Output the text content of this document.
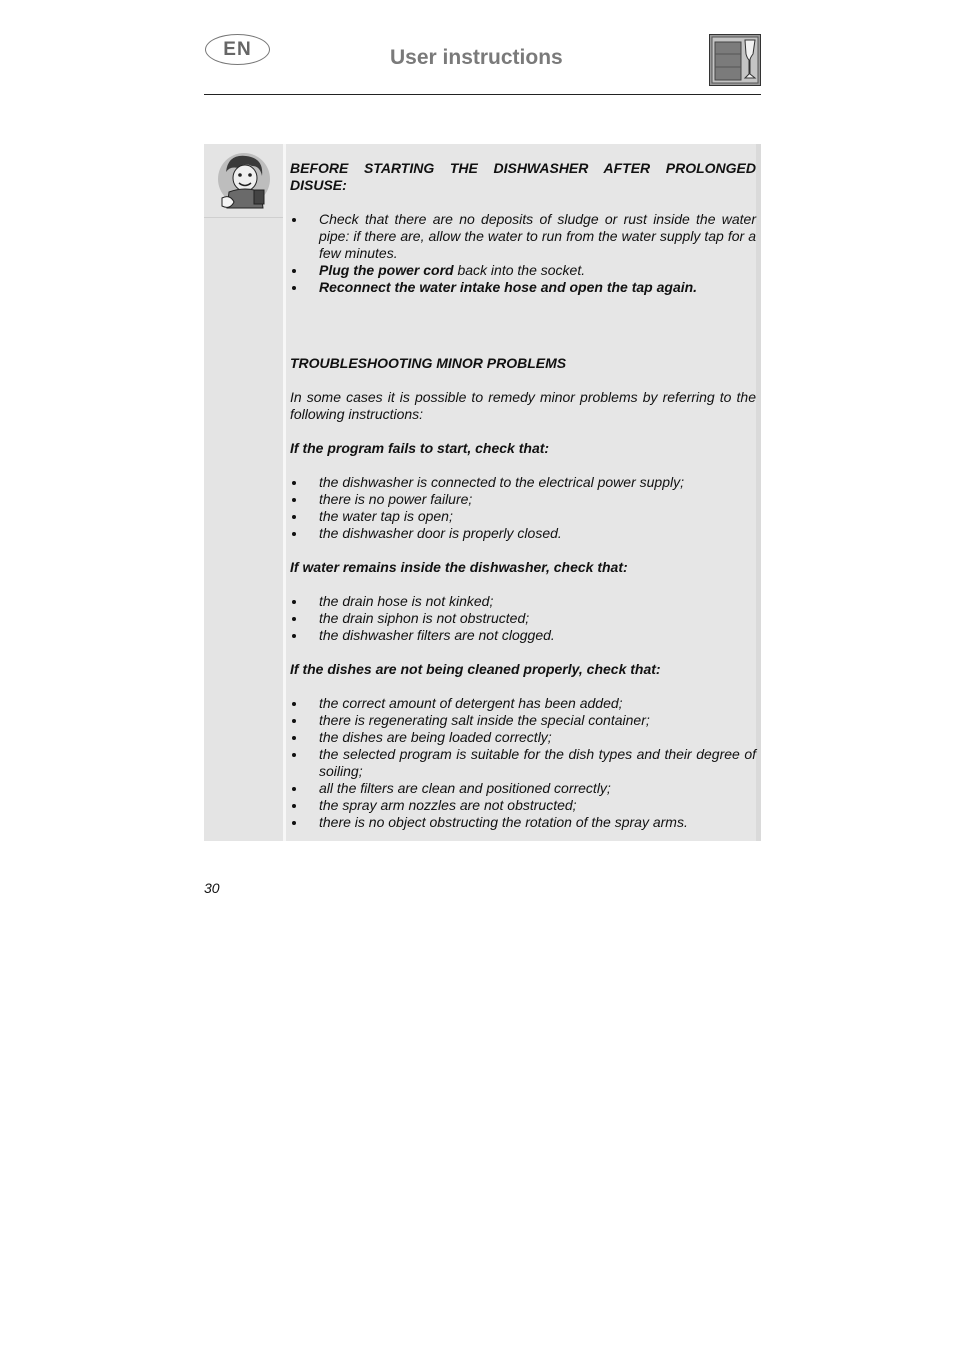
EN	User instructions

BEFORE STARTING THE DISHWASHER AFTER PROLONGED

DISUSE:

Check that there are no deposits of sludge or rust inside the water pipe: if there are, allow the water to run from the water supply tap for a few minutes.
Plug the power cord back into the socket.
Reconnect the water intake hose and open the tap again.

TROUBLESHOOTING MINOR PROBLEMS

In some cases it is possible to remedy minor problems by referring to the following instructions:

If the program fails to start, check that:

the dishwasher is connected to the electrical power supply;
there is no power failure;
the water tap is open;
the dishwasher door is properly closed.

If water remains inside the dishwasher, check that:

the drain hose is not kinked;
the drain siphon is not obstructed;
the dishwasher filters are not clogged.

If the dishes are not being cleaned properly, check that:

the correct amount of detergent has been added;
there is regenerating salt inside the special container;
the dishes are being loaded correctly;
the selected program is suitable for the dish types and their degree of soiling;
all the filters are clean and positioned correctly;
the spray arm nozzles are not obstructed;
there is no object obstructing the rotation of the spray arms.
30
